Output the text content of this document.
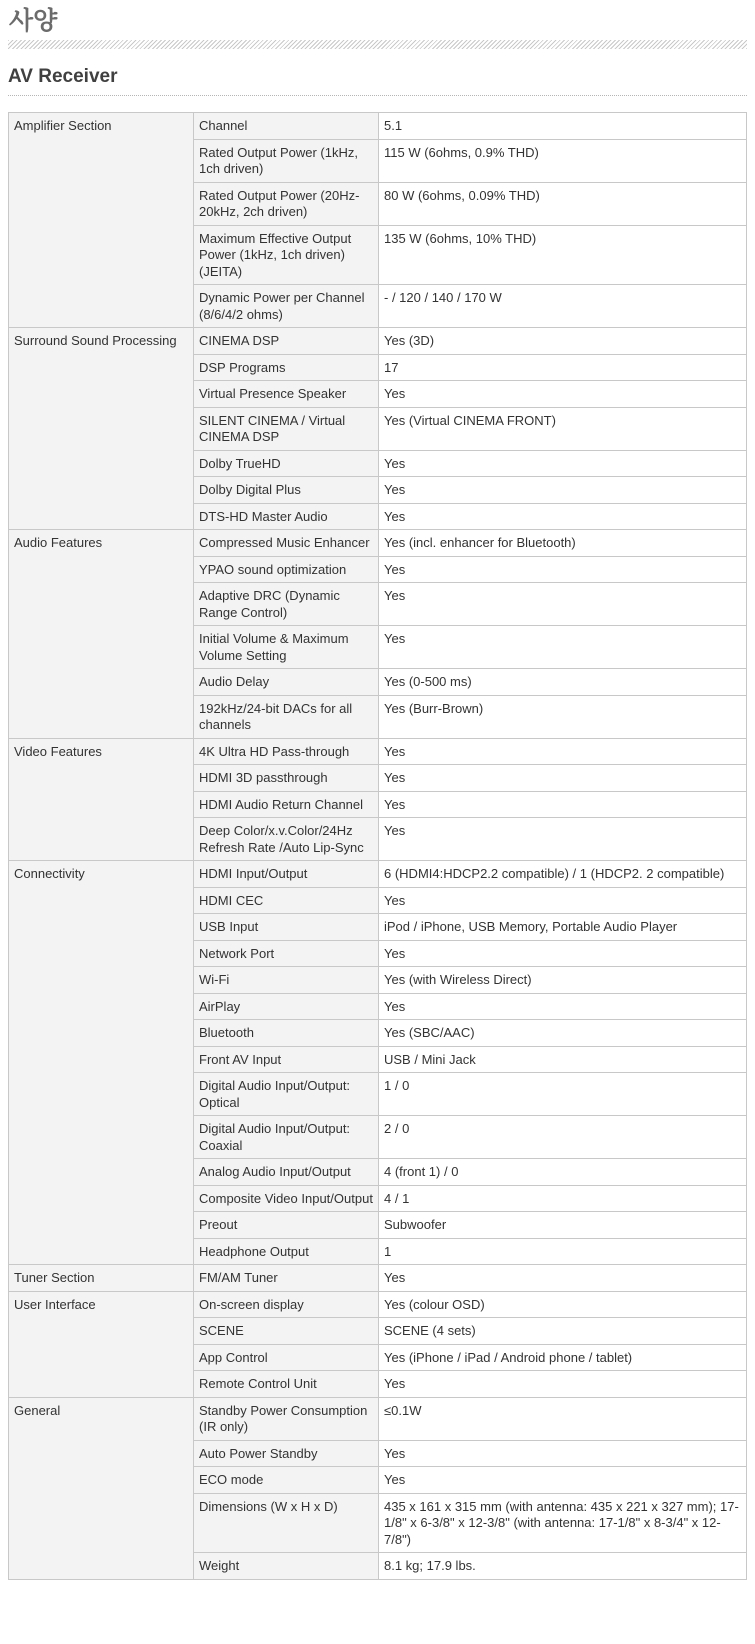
사양
AV Receiver
Amplifier Section	Channel	5.1
	Rated Output Power (1kHz, 1ch driven)	115 W (6ohms, 0.9% THD)
	Rated Output Power (20Hz-20kHz, 2ch driven)	80 W (6ohms, 0.09% THD)
	Maximum Effective Output Power (1kHz, 1ch driven) (JEITA)	135 W (6ohms, 10% THD)
	Dynamic Power per Channel (8/6/4/2 ohms)	- / 120 / 140 / 170 W
Surround Sound Processing	CINEMA DSP	Yes (3D)
	DSP Programs	17
	Virtual Presence Speaker	Yes
	SILENT CINEMA / Virtual CINEMA DSP	Yes (Virtual CINEMA FRONT)
	Dolby TrueHD	Yes
	Dolby Digital Plus	Yes
	DTS-HD Master Audio	Yes
Audio Features	Compressed Music Enhancer	Yes (incl. enhancer for Bluetooth)
	YPAO sound optimization	Yes
	Adaptive DRC (Dynamic Range Control)	Yes
	Initial Volume & Maximum Volume Setting	Yes
	Audio Delay	Yes (0-500 ms)
	192kHz/24-bit DACs for all channels	Yes (Burr-Brown)
Video Features	4K Ultra HD Pass-through	Yes
	HDMI 3D passthrough	Yes
	HDMI Audio Return Channel	Yes
	Deep Color/x.v.Color/24Hz Refresh Rate /Auto Lip-Sync	Yes
Connectivity	HDMI Input/Output	6 (HDMI4:HDCP2.2 compatible) / 1 (HDCP2. 2 compatible)
	HDMI CEC	Yes
	USB Input	iPod / iPhone, USB Memory, Portable Audio Player
	Network Port	Yes
	Wi-Fi	Yes (with Wireless Direct)
	AirPlay	Yes
	Bluetooth	Yes (SBC/AAC)
	Front AV Input	USB / Mini Jack
	Digital Audio Input/Output: Optical	1 / 0
	Digital Audio Input/Output: Coaxial	2 / 0
	Analog Audio Input/Output	4 (front 1) / 0
	Composite Video Input/Output	4 / 1
	Preout	Subwoofer
	Headphone Output	1
Tuner Section	FM/AM Tuner	Yes
User Interface	On-screen display	Yes (colour OSD)
	SCENE	SCENE (4 sets)
	App Control	Yes (iPhone / iPad / Android phone / tablet)
	Remote Control Unit	Yes
General	Standby Power Consumption (IR only)	≤0.1W
	Auto Power Standby	Yes
	ECO mode	Yes
	Dimensions (W x H x D)	435 x 161 x 315 mm (with antenna: 435 x 221 x 327 mm); 17-1/8" x 6-3/8" x 12-3/8" (with antenna: 17-1/8" x 8-3/4" x 12-7/8")
	Weight	8.1 kg; 17.9 lbs.
